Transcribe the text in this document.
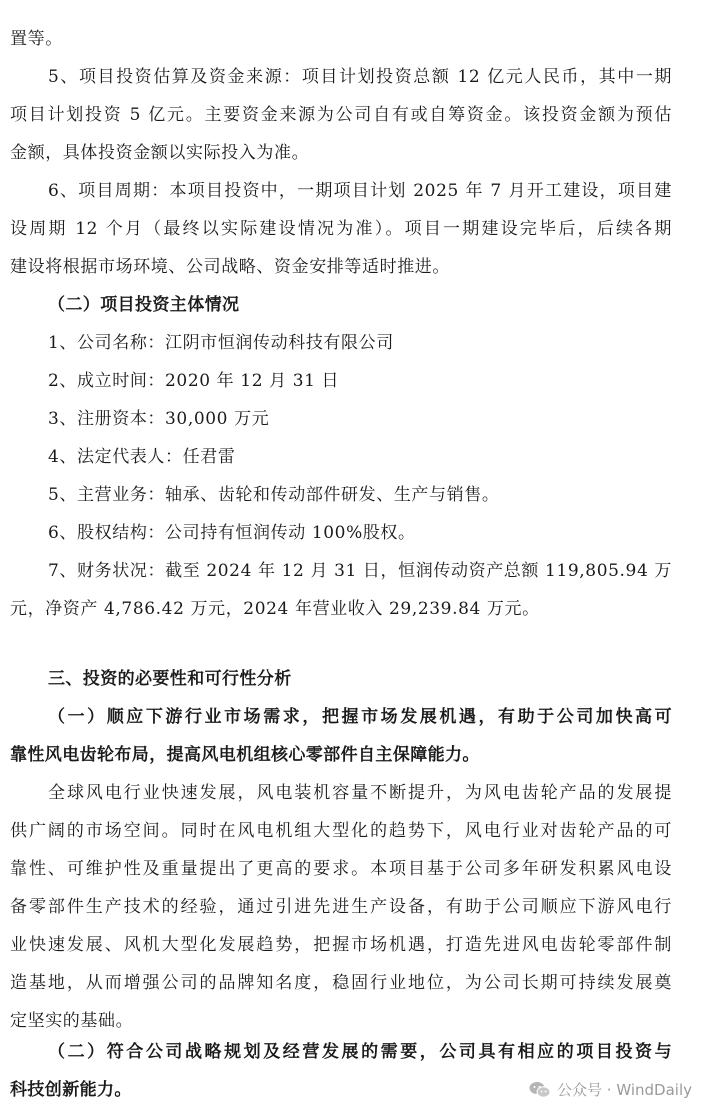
置等。
5、项目投资估算及资金来源：项目计划投资总额 12 亿元人民币，其中一期
项目计划投资 5 亿元。主要资金来源为公司自有或自筹资金。该投资金额为预估
金额，具体投资金额以实际投入为准。
6、项目周期：本项目投资中，一期项目计划 2025 年 7 月开工建设，项目建
设周期 12 个月（最终以实际建设情况为准）。项目一期建设完毕后，后续各期
建设将根据市场环境、公司战略、资金安排等适时推进。
（二）项目投资主体情况
1、公司名称：江阴市恒润传动科技有限公司
2、成立时间：2020 年 12 月 31 日
3、注册资本：30,000 万元
4、法定代表人：任君雷
5、主营业务：轴承、齿轮和传动部件研发、生产与销售。
6、股权结构：公司持有恒润传动 100%股权。
7、财务状况：截至 2024 年 12 月 31 日，恒润传动资产总额 119,805.94 万
元，净资产 4,786.42 万元，2024 年营业收入 29,239.84 万元。
三、投资的必要性和可行性分析
（一）顺应下游行业市场需求，把握市场发展机遇，有助于公司加快高可
靠性风电齿轮布局，提高风电机组核心零部件自主保障能力。
全球风电行业快速发展，风电装机容量不断提升，为风电齿轮产品的发展提
供广阔的市场空间。同时在风电机组大型化的趋势下，风电行业对齿轮产品的可
靠性、可维护性及重量提出了更高的要求。本项目基于公司多年研发积累风电设
备零部件生产技术的经验，通过引进先进生产设备，有助于公司顺应下游风电行
业快速发展、风机大型化发展趋势，把握市场机遇，打造先进风电齿轮零部件制
造基地，从而增强公司的品牌知名度，稳固行业地位，为公司长期可持续发展奠
定坚实的基础。
（二）符合公司战略规划及经营发展的需要，公司具有相应的项目投资与
科技创新能力。	公众号 · WindDaily
